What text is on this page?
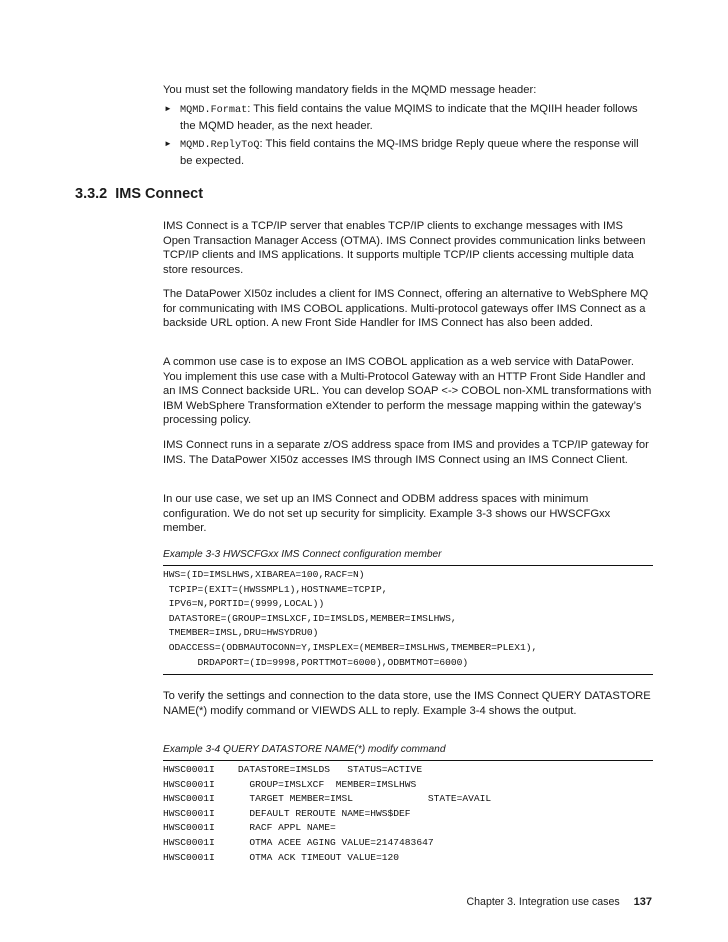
You must set the following mandatory fields in the MQMD message header:

► MQMD.Format: This field contains the value MQIMS to indicate that the MQIIH header follows the MQMD header, as the next header.
► MQMD.ReplyToQ: This field contains the MQ-IMS bridge Reply queue where the response will be expected.
3.3.2 IMS Connect

IMS Connect is a TCP/IP server that enables TCP/IP clients to exchange messages with IMS Open Transaction Manager Access (OTMA). IMS Connect provides communication links between TCP/IP clients and IMS applications. It supports multiple TCP/IP clients accessing multiple data store resources.

The DataPower XI50z includes a client for IMS Connect, offering an alternative to WebSphere MQ for communicating with IMS COBOL applications. Multi-protocol gateways offer IMS Connect as a backside URL option. A new Front Side Handler for IMS Connect has also been added.

A common use case is to expose an IMS COBOL application as a web service with DataPower. You implement this use case with a Multi-Protocol Gateway with an HTTP Front Side Handler and an IMS Connect backside URL. You can develop SOAP <-> COBOL non-XML transformations with IBM WebSphere Transformation eXtender to perform the message mapping within the gateway’s processing policy.

IMS Connect runs in a separate z/OS address space from IMS and provides a TCP/IP gateway for IMS. The DataPower XI50z accesses IMS through IMS Connect using an IMS Connect Client.

In our use case, we set up an IMS Connect and ODBM address spaces with minimum configuration. We do not set up security for simplicity. Example 3-3 shows our HWSCFGxx member.

Example 3-3 HWSCFGxx IMS Connect configuration member

HWS=(ID=IMSLHWS,XIBAREA=100,RACF=N)
TCPIP=(EXIT=(HWSSMPL1),HOSTNAME=TCPIP,
IPV6=N,PORTID=(9999,LOCAL))
DATASTORE=(GROUP=IMSLXCF,ID=IMSLDS,MEMBER=IMSLHWS,
TMEMBER=IMSL,DRU=HWSYDRU0)
ODACCESS=(ODBMAUTOCONN=Y,IMSPLEX=(MEMBER=IMSLHWS,TMEMBER=PLEX1),
DRDAPORT=(ID=9998,PORTTMOT=6000),ODBMTMOT=6000)

To verify the settings and connection to the data store, use the IMS Connect QUERY DATASTORE NAME(*) modify command or VIEWDS ALL to reply. Example 3-4 shows the output.

Example 3-4 QUERY DATASTORE NAME(*) modify command

HWSC0001I    DATASTORE=IMSLDS   STATUS=ACTIVE
HWSC0001I      GROUP=IMSLXCF  MEMBER=IMSLHWS
HWSC0001I      TARGET MEMBER=IMSL             STATE=AVAIL
HWSC0001I      DEFAULT REROUTE NAME=HWS$DEF
HWSC0001I      RACF APPL NAME=
HWSC0001I      OTMA ACEE AGING VALUE=2147483647
HWSC0001I      OTMA ACK TIMEOUT VALUE=120
Chapter 3. Integration use cases 137
